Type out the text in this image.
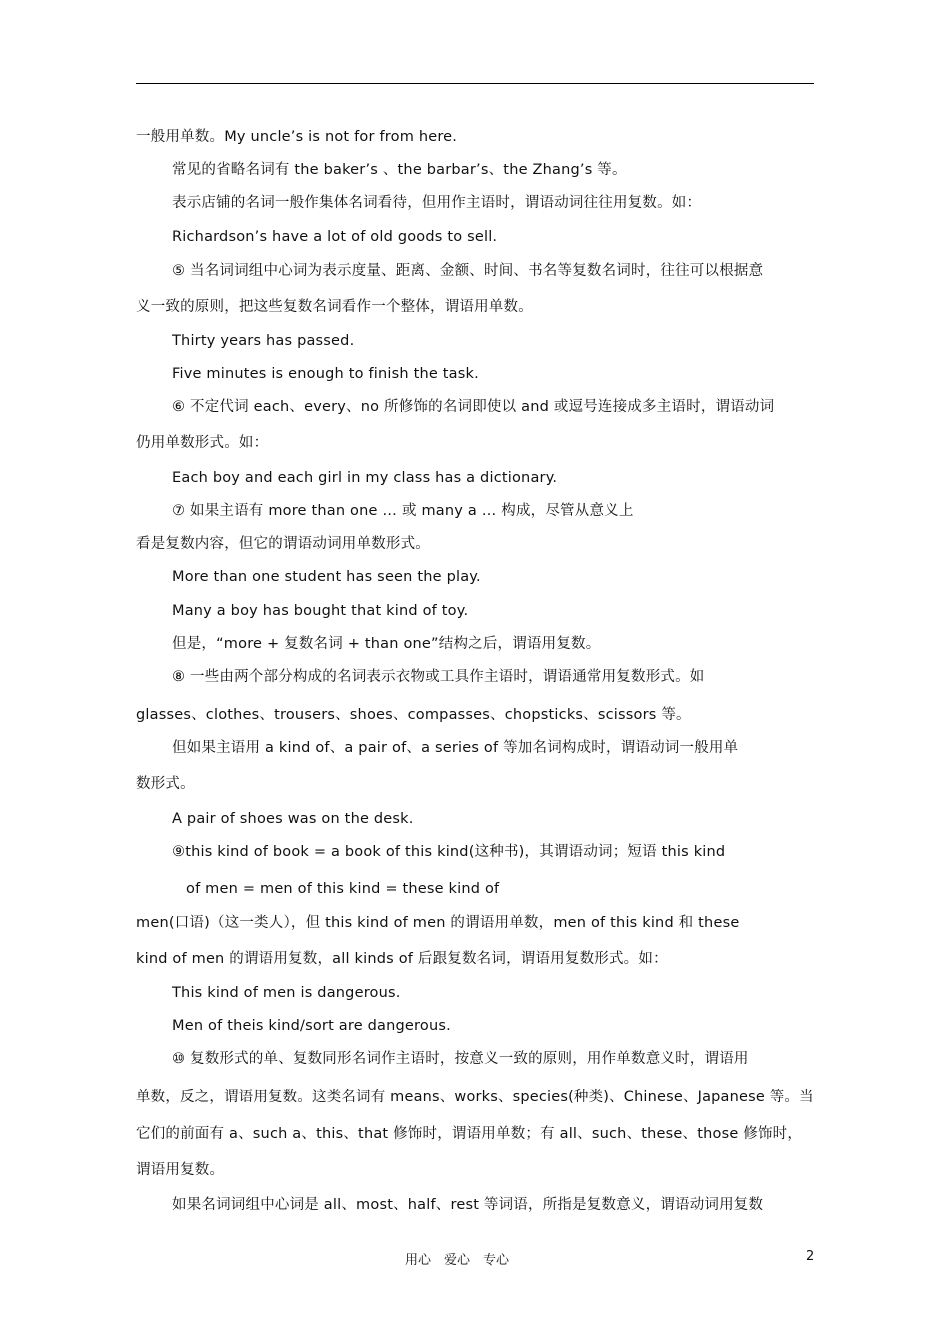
一般用单数。My uncle’s is not for from here.
常见的省略名词有 the baker’s 、the barbar’s、the Zhang’s 等。
表示店铺的名词一般作集体名词看待，但用作主语时，谓语动词往往用复数。如：
Richardson’s have a lot of old goods to sell.
⑤ 当名词词组中心词为表示度量、距离、金额、时间、书名等复数名词时，往往可以根据意
义一致的原则，把这些复数名词看作一个整体，谓语用单数。
Thirty years has passed.
Five minutes is enough to finish the task.
⑥ 不定代词 each、every、no 所修饰的名词即使以 and 或逗号连接成多主语时，谓语动词
仍用单数形式。如：
Each boy and each girl in my class has a dictionary.
⑦ 如果主语有 more than one … 或 many a … 构成，尽管从意义上
看是复数内容，但它的谓语动词用单数形式。
More than one student has seen the play.
Many a boy has bought that kind of toy.
但是，“more + 复数名词 + than one”结构之后，谓语用复数。
⑧ 一些由两个部分构成的名词表示衣物或工具作主语时，谓语通常用复数形式。如
glasses、clothes、trousers、shoes、compasses、chopsticks、scissors 等。
但如果主语用 a kind of、a pair of、a series of 等加名词构成时，谓语动词一般用单
数形式。
A pair of shoes was on the desk.
⑨this kind of book = a book of this kind(这种书)，其谓语动词；短语 this kind
of men = men of this kind = these kind of
men(口语)（这一类人），但 this kind of men 的谓语用单数，men of this kind 和 these
kind of men 的谓语用复数，all kinds of 后跟复数名词，谓语用复数形式。如：
This kind of men is dangerous.
Men of theis kind/sort are dangerous.
⑩ 复数形式的单、复数同形名词作主语时，按意义一致的原则，用作单数意义时，谓语用
单数，反之，谓语用复数。这类名词有 means、works、species(种类)、Chinese、Japanese 等。当
它们的前面有 a、such a、this、that 修饰时，谓语用单数；有 all、such、these、those 修饰时，
谓语用复数。
如果名词词组中心词是 all、most、half、rest 等词语，所指是复数意义，谓语动词用复数
用心　爱心　专心	2
